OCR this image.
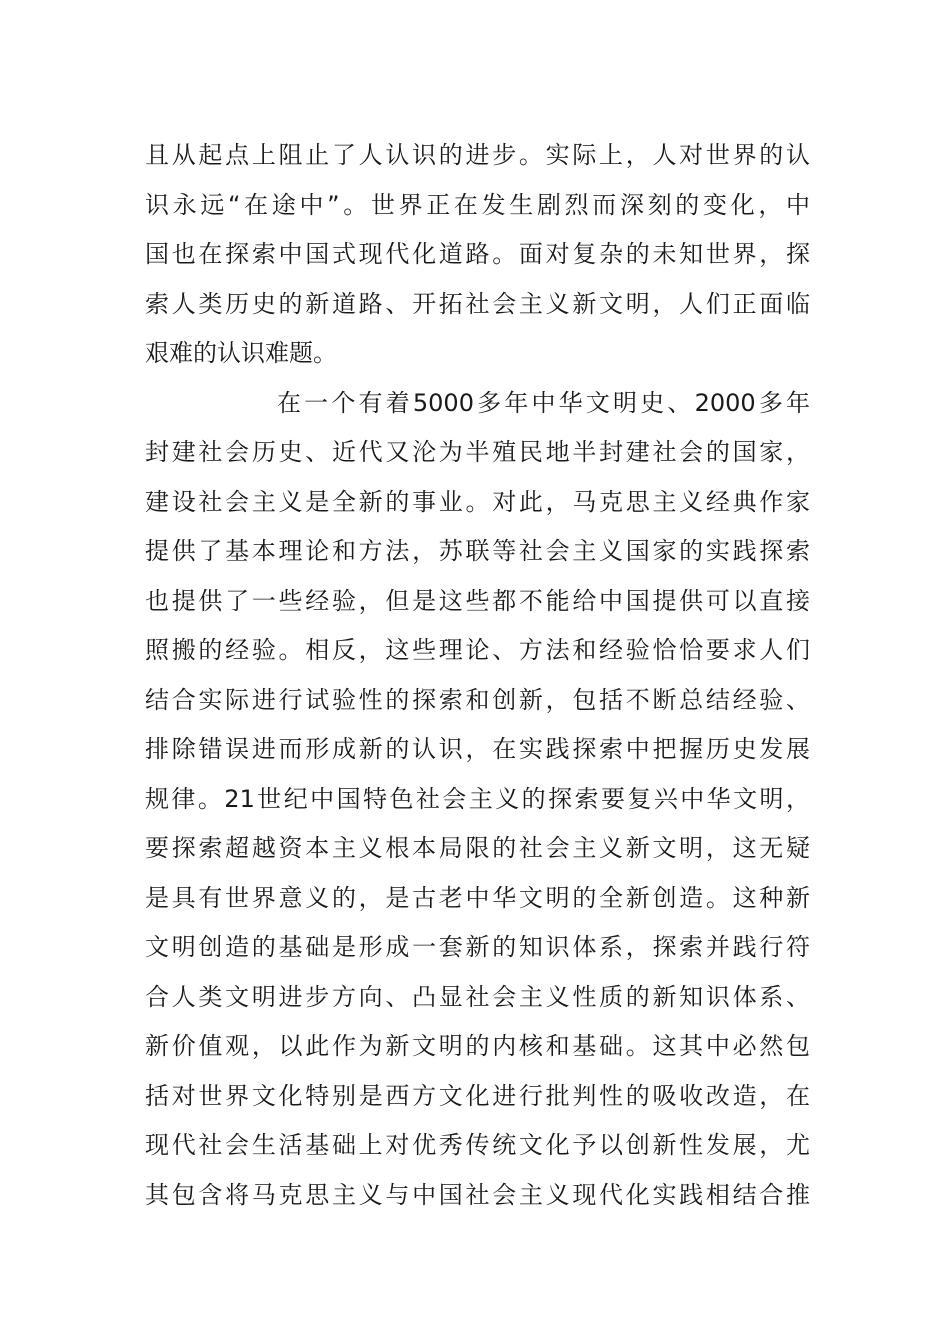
且从起点上阻止了人认识的进步。实际上，人对世界的认
识永远“在途中”。世界正在发生剧烈而深刻的变化，中
国也在探索中国式现代化道路。面对复杂的未知世界，探
索人类历史的新道路、开拓社会主义新文明，人们正面临
艰难的认识难题。
在一个有着5000多年中华文明史、2000多年
封建社会历史、近代又沦为半殖民地半封建社会的国家，
建设社会主义是全新的事业。对此，马克思主义经典作家
提供了基本理论和方法，苏联等社会主义国家的实践探索
也提供了一些经验，但是这些都不能给中国提供可以直接
照搬的经验。相反，这些理论、方法和经验恰恰要求人们
结合实际进行试验性的探索和创新，包括不断总结经验、
排除错误进而形成新的认识，在实践探索中把握历史发展
规律。21世纪中国特色社会主义的探索要复兴中华文明，
要探索超越资本主义根本局限的社会主义新文明，这无疑
是具有世界意义的，是古老中华文明的全新创造。这种新
文明创造的基础是形成一套新的知识体系，探索并践行符
合人类文明进步方向、凸显社会主义性质的新知识体系、
新价值观，以此作为新文明的内核和基础。这其中必然包
括对世界文化特别是西方文化进行批判性的吸收改造，在
现代社会生活基础上对优秀传统文化予以创新性发展，尤
其包含将马克思主义与中国社会主义现代化实践相结合推
